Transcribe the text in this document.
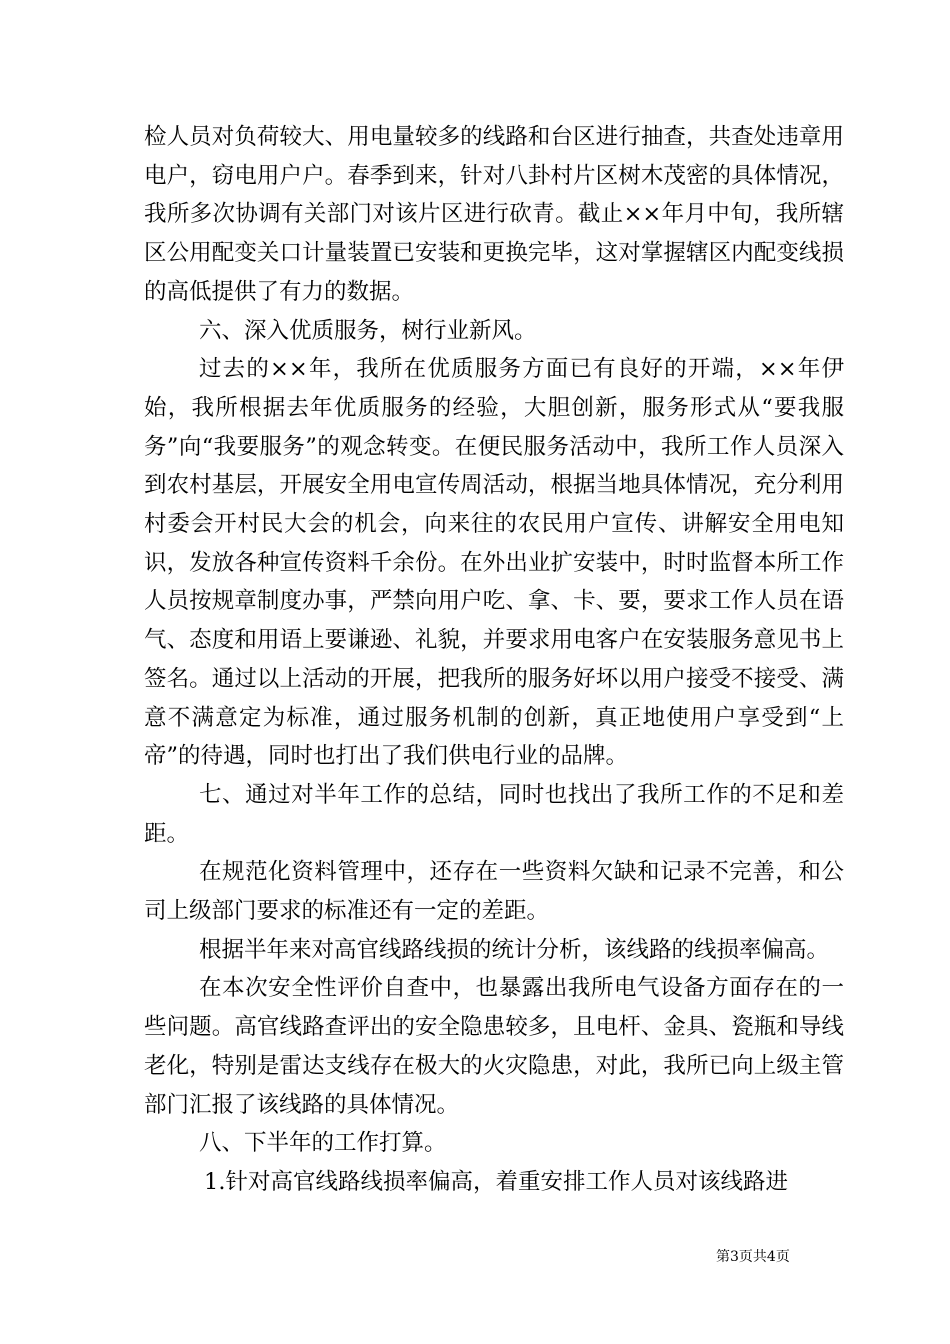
检人员对负荷较大、用电量较多的线路和台区进行抽查，共查处违章用电户，窃电用户户。春季到来，针对八卦村片区树木茂密的具体情况，我所多次协调有关部门对该片区进行砍青。截止××年月中旬，我所辖区公用配变关口计量装置已安装和更换完毕，这对掌握辖区内配变线损的高低提供了有力的数据。

六、深入优质服务，树行业新风。

过去的××年，我所在优质服务方面已有良好的开端，××年伊始，我所根据去年优质服务的经验，大胆创新，服务形式从“要我服务”向“我要服务”的观念转变。在便民服务活动中，我所工作人员深入到农村基层，开展安全用电宣传周活动，根据当地具体情况，充分利用村委会开村民大会的机会，向来往的农民用户宣传、讲解安全用电知识，发放各种宣传资料千余份。在外出业扩安装中，时时监督本所工作人员按规章制度办事，严禁向用户吃、拿、卡、要，要求工作人员在语气、态度和用语上要谦逊、礼貌，并要求用电客户在安装服务意见书上签名。通过以上活动的开展，把我所的服务好坏以用户接受不接受、满意不满意定为标准，通过服务机制的创新，真正地使用户享受到“上帝”的待遇，同时也打出了我们供电行业的品牌。

七、通过对半年工作的总结，同时也找出了我所工作的不足和差距。

在规范化资料管理中，还存在一些资料欠缺和记录不完善，和公司上级部门要求的标准还有一定的差距。

根据半年来对高官线路线损的统计分析，该线路的线损率偏高。

在本次安全性评价自查中，也暴露出我所电气设备方面存在的一些问题。高官线路查评出的安全隐患较多，且电杆、金具、瓷瓶和导线老化，特别是雷达支线存在极大的火灾隐患，对此，我所已向上级主管部门汇报了该线路的具体情况。

八、下半年的工作打算。

1.针对高官线路线损率偏高，着重安排工作人员对该线路进

第3页共4页
